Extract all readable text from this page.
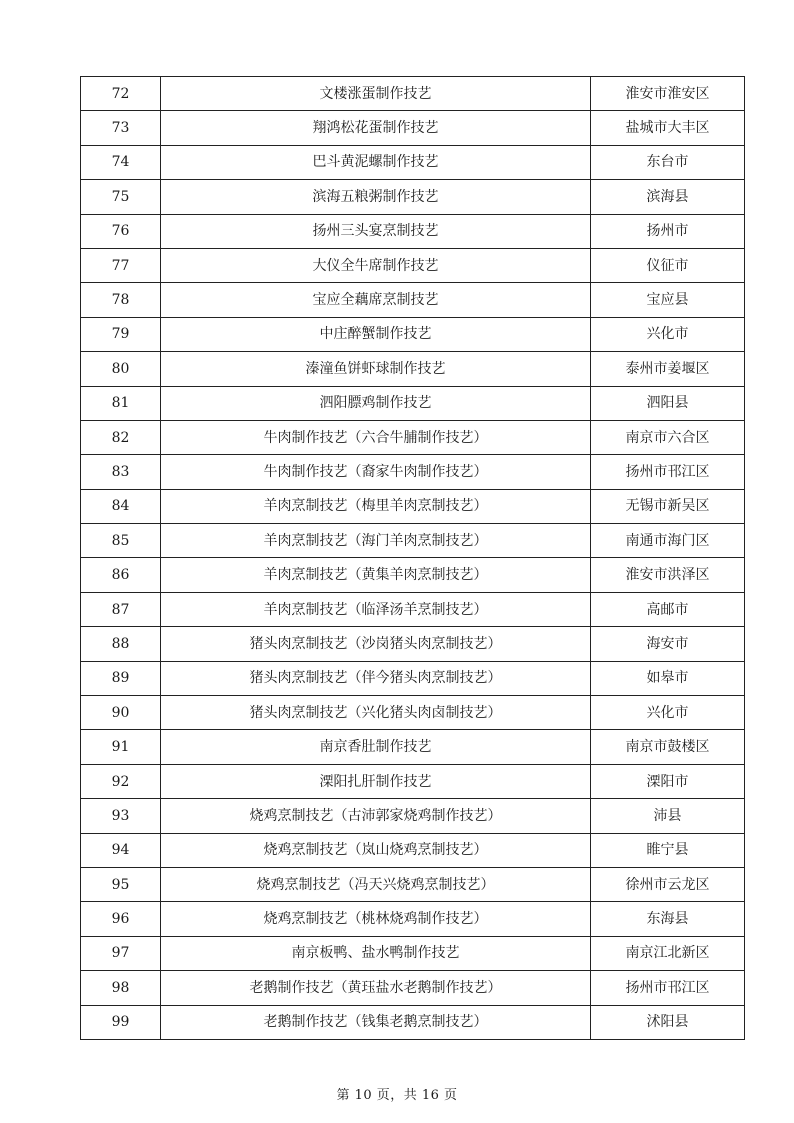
72	文楼涨蛋制作技艺	淮安市淮安区
73	翔鸿松花蛋制作技艺	盐城市大丰区
74	巴斗黄泥螺制作技艺	东台市
75	滨海五粮粥制作技艺	滨海县
76	扬州三头宴烹制技艺	扬州市
77	大仪全牛席制作技艺	仪征市
78	宝应全藕席烹制技艺	宝应县
79	中庄醉蟹制作技艺	兴化市
80	溱潼鱼饼虾球制作技艺	泰州市姜堰区
81	泗阳膘鸡制作技艺	泗阳县
82	牛肉制作技艺（六合牛脯制作技艺）	南京市六合区
83	牛肉制作技艺（裔家牛肉制作技艺）	扬州市邗江区
84	羊肉烹制技艺（梅里羊肉烹制技艺）	无锡市新吴区
85	羊肉烹制技艺（海门羊肉烹制技艺）	南通市海门区
86	羊肉烹制技艺（黄集羊肉烹制技艺）	淮安市洪泽区
87	羊肉烹制技艺（临泽汤羊烹制技艺）	高邮市
88	猪头肉烹制技艺（沙岗猪头肉烹制技艺）	海安市
89	猪头肉烹制技艺（伴今猪头肉烹制技艺）	如皋市
90	猪头肉烹制技艺（兴化猪头肉卤制技艺）	兴化市
91	南京香肚制作技艺	南京市鼓楼区
92	溧阳扎肝制作技艺	溧阳市
93	烧鸡烹制技艺（古沛郭家烧鸡制作技艺）	沛县
94	烧鸡烹制技艺（岚山烧鸡烹制技艺）	睢宁县
95	烧鸡烹制技艺（冯天兴烧鸡烹制技艺）	徐州市云龙区
96	烧鸡烹制技艺（桃林烧鸡制作技艺）	东海县
97	南京板鸭、盐水鸭制作技艺	南京江北新区
98	老鹅制作技艺（黄珏盐水老鹅制作技艺）	扬州市邗江区
99	老鹅制作技艺（钱集老鹅烹制技艺）	沭阳县
第 10 页，共 16 页
